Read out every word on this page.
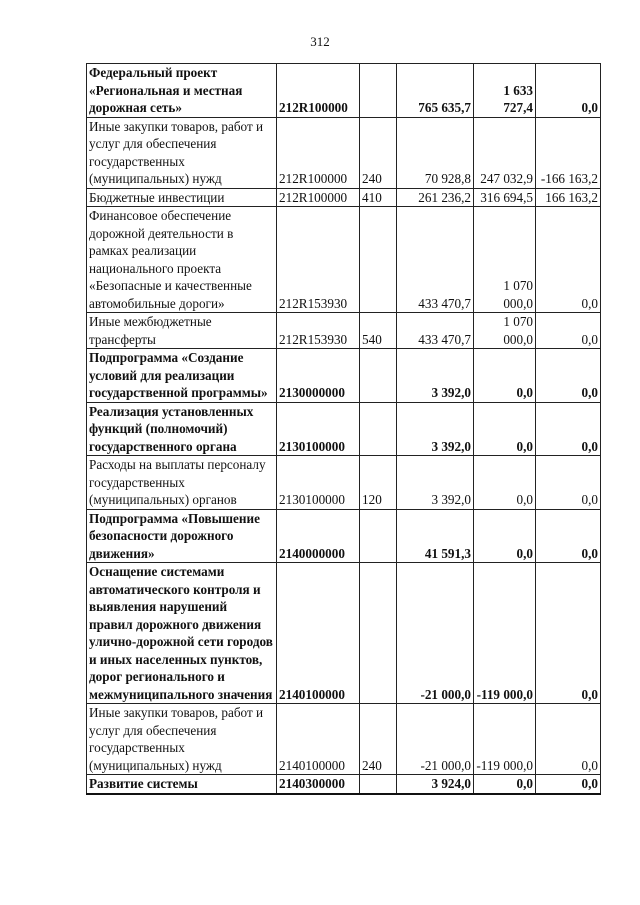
312
Федеральный проект «Региональная и местная дорожная сеть»	212R100000		765 635,7	1 633 727,4	0,0
Иные закупки товаров, работ и услуг для обеспечения государственных (муниципальных) нужд	212R100000	240	70 928,8	247 032,9	-166 163,2
Бюджетные инвестиции	212R100000	410	261 236,2	316 694,5	166 163,2
Финансовое обеспечение дорожной деятельности в рамках реализации национального проекта «Безопасные и качественные автомобильные дороги»	212R153930		433 470,7	1 070 000,0	0,0
Иные межбюджетные трансферты	212R153930	540	433 470,7	1 070 000,0	0,0
Подпрограмма «Создание условий для реализации государственной программы»	2130000000		3 392,0	0,0	0,0
Реализация установленных функций (полномочий) государственного органа	2130100000		3 392,0	0,0	0,0
Расходы на выплаты персоналу государственных (муниципальных) органов	2130100000	120	3 392,0	0,0	0,0
Подпрограмма «Повышение безопасности дорожного движения»	2140000000		41 591,3	0,0	0,0
Оснащение системами автоматического контроля и выявления нарушений правил дорожного движения улично-дорожной сети городов и иных населенных пунктов, дорог регионального и межмуниципального значения	2140100000		-21 000,0	-119 000,0	0,0
Иные закупки товаров, работ и услуг для обеспечения государственных (муниципальных) нужд	2140100000	240	-21 000,0	-119 000,0	0,0
Развитие системы	2140300000		3 924,0	0,0	0,0
